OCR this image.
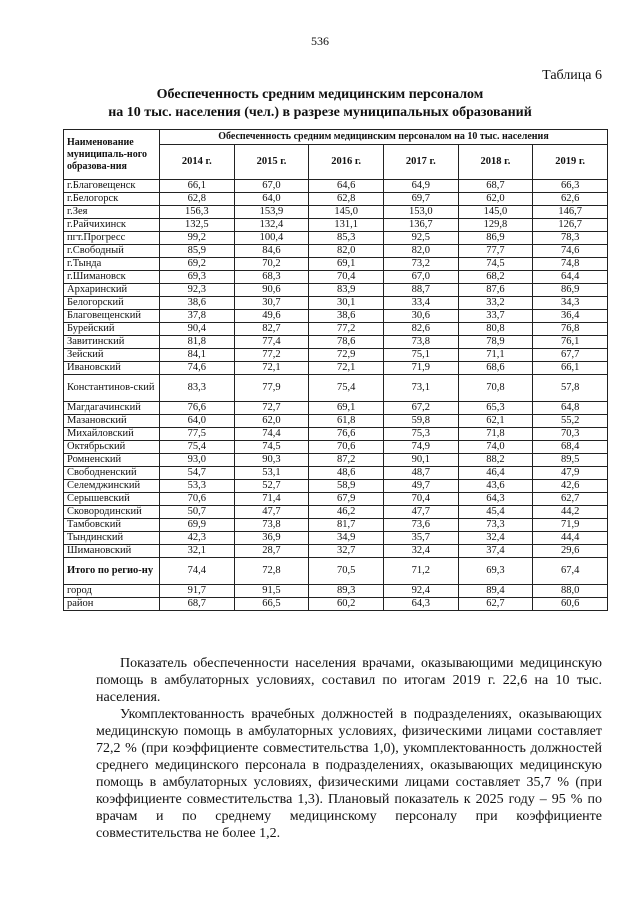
536
Таблица 6
Обеспеченность средним медицинским персоналом
на 10 тыс. населения (чел.) в разрезе муниципальных образований
Наименование муниципаль-ного образова-ния	Обеспеченность средним медицинским персоналом на 10 тыс. населения					
	2014 г.	2015 г.	2016 г.	2017 г.	2018 г.	2019 г.
г.Благовещенск	66,1	67,0	64,6	64,9	68,7	66,3
г.Белогорск	62,8	64,0	62,8	69,7	62,0	62,6
г.Зея	156,3	153,9	145,0	153,0	145,0	146,7
г.Райчихинск	132,5	132,4	131,1	136,7	129,8	126,7
пгт.Прогресс	99,2	100,4	85,3	92,5	86,9	78,3
г.Свободный	85,9	84,6	82,0	82,0	77,7	74,6
г.Тында	69,2	70,2	69,1	73,2	74,5	74,8
г.Шимановск	69,3	68,3	70,4	67,0	68,2	64,4
Архаринский	92,3	90,6	83,9	88,7	87,6	86,9
Белогорский	38,6	30,7	30,1	33,4	33,2	34,3
Благовещенский	37,8	49,6	38,6	30,6	33,7	36,4
Бурейский	90,4	82,7	77,2	82,6	80,8	76,8
Завитинский	81,8	77,4	78,6	73,8	78,9	76,1
Зейский	84,1	77,2	72,9	75,1	71,1	67,7
Ивановский	74,6	72,1	72,1	71,9	68,6	66,1
Константинов-ский	83,3	77,9	75,4	73,1	70,8	57,8
Магдагачинский	76,6	72,7	69,1	67,2	65,3	64,8
Мазановский	64,0	62,0	61,8	59,8	62,1	55,2
Михайловский	77,5	74,4	76,6	75,3	71,8	70,3
Октябрьский	75,4	74,5	70,6	74,9	74,0	68,4
Ромненский	93,0	90,3	87,2	90,1	88,2	89,5
Свободненский	54,7	53,1	48,6	48,7	46,4	47,9
Селемджинский	53,3	52,7	58,9	49,7	43,6	42,6
Серышевский	70,6	71,4	67,9	70,4	64,3	62,7
Сковородинский	50,7	47,7	46,2	47,7	45,4	44,2
Тамбовский	69,9	73,8	81,7	73,6	73,3	71,9
Тындинский	42,3	36,9	34,9	35,7	32,4	44,4
Шимановский	32,1	28,7	32,7	32,4	37,4	29,6
Итого по регио-ну	74,4	72,8	70,5	71,2	69,3	67,4
город	91,7	91,5	89,3	92,4	89,4	88,0
район	68,7	66,5	60,2	64,3	62,7	60,6
Показатель обеспеченности населения врачами, оказывающими медицинскую помощь в амбулаторных условиях, составил по итогам 2019 г. 22,6 на 10 тыс. населения.
Укомплектованность врачебных должностей в подразделениях, оказывающих медицинскую помощь в амбулаторных условиях, физическими лицами составляет 72,2 % (при коэффициенте совместительства 1,0), укомплектованность должностей среднего медицинского персонала в подразделениях, оказывающих медицинскую помощь в амбулаторных условиях, физическими лицами составляет 35,7 % (при коэффициенте совместительства 1,3). Плановый показатель к 2025 году – 95 % по врачам и по среднему медицинскому персоналу при коэффициенте совместительства не более 1,2.
